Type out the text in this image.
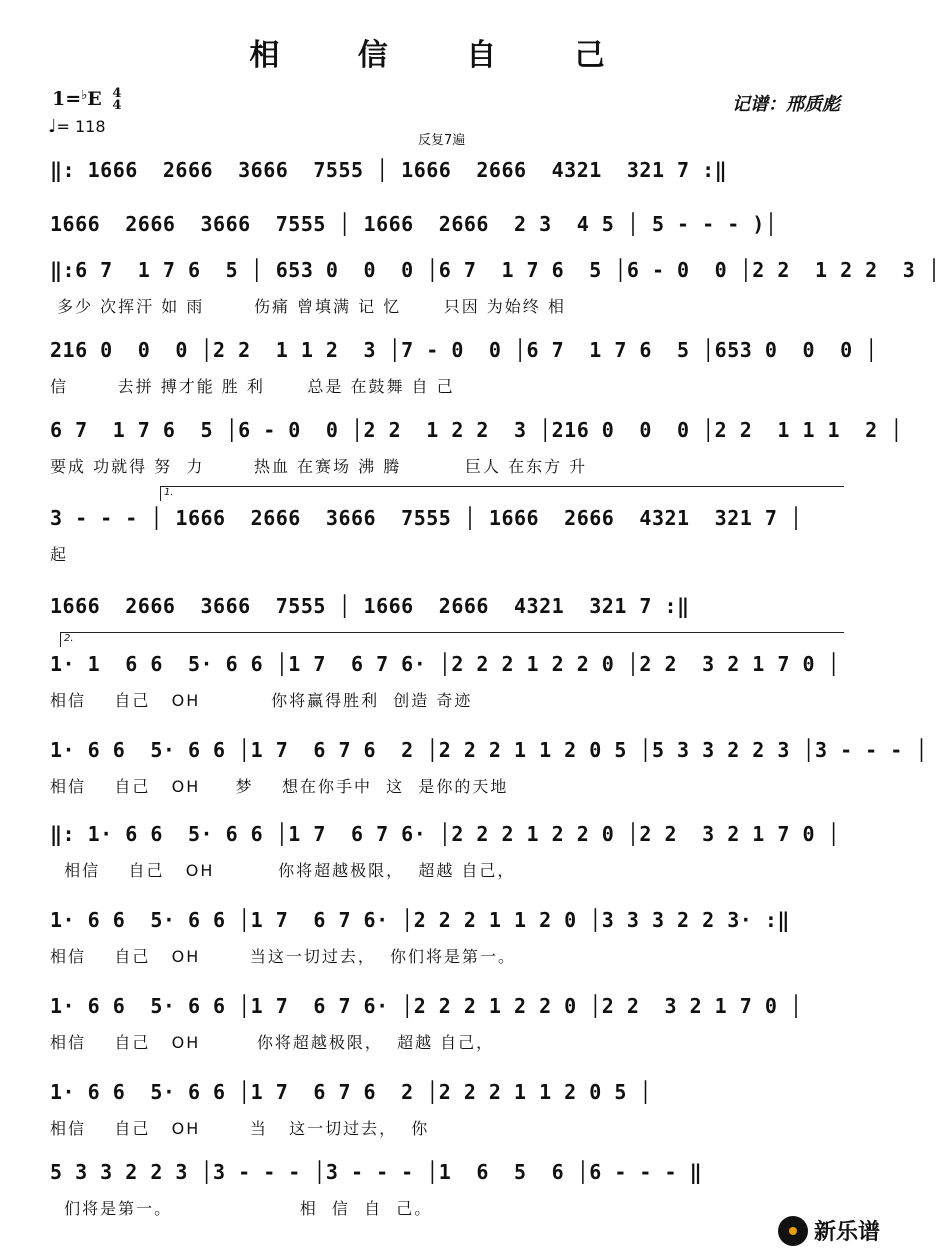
相 信 自 己
1=♭E 4
4
♩= 118
记谱：邢质彪
反复7遍
1.
2.
‖: 1666  2666  3666  7555 │ 1666  2666  4321  321 7 :‖
1666  2666  3666  7555 │ 1666  2666  2 3  4 5 │ 5 - - - )│
‖:6 7  1 7 6  5 │ 653 0  0  0 │6 7  1 7 6  5 │6 - 0  0 │2 2  1 2 2  3 │
多少 次挥汗 如 雨       伤痛 曾填满 记 忆      只因 为始终 相
216 0  0  0 │2 2  1 1 2  3 │7 - 0  0 │6 7  1 7 6  5 │653 0  0  0 │
信       去拼 搏才能 胜 利      总是 在鼓舞 自 己
6 7  1 7 6  5 │6 - 0  0 │2 2  1 2 2  3 │216 0  0  0 │2 2  1 1 1  2 │
要成 功就得 努  力       热血 在赛场 沸 腾         巨人 在东方 升
3 - - - │ 1666  2666  3666  7555 │ 1666  2666  4321  321 7 │
起
1666  2666  3666  7555 │ 1666  2666  4321  321 7 :‖
1· 1  6 6  5· 6 6 │1 7  6 7 6· │2 2 2 1 2 2 0 │2 2  3 2 1 7 0 │
相信    自己   OH          你将赢得胜利  创造 奇迹
1· 6 6  5· 6 6 │1 7  6 7 6  2 │2 2 2 1 1 2 0 5 │5 3 3 2 2 3 │3 - - - │
相信    自己   OH     梦    想在你手中  这  是你的天地
‖: 1· 6 6  5· 6 6 │1 7  6 7 6· │2 2 2 1 2 2 0 │2 2  3 2 1 7 0 │
相信    自己   OH         你将超越极限，  超越 自己，
1· 6 6  5· 6 6 │1 7  6 7 6· │2 2 2 1 1 2 0 │3 3 3 2 2 3· :‖
相信    自己   OH       当这一切过去，  你们将是第一。
1· 6 6  5· 6 6 │1 7  6 7 6· │2 2 2 1 2 2 0 │2 2  3 2 1 7 0 │
相信    自己   OH        你将超越极限，  超越 自己，
1· 6 6  5· 6 6 │1 7  6 7 6  2 │2 2 2 1 1 2 0 5 │
相信    自己   OH       当   这一切过去，  你
5 3 3 2 2 3 │3 - - - │3 - - - │1  6  5  6 │6 - - - ‖
们将是第一。                  相  信  自  己。
新乐谱
